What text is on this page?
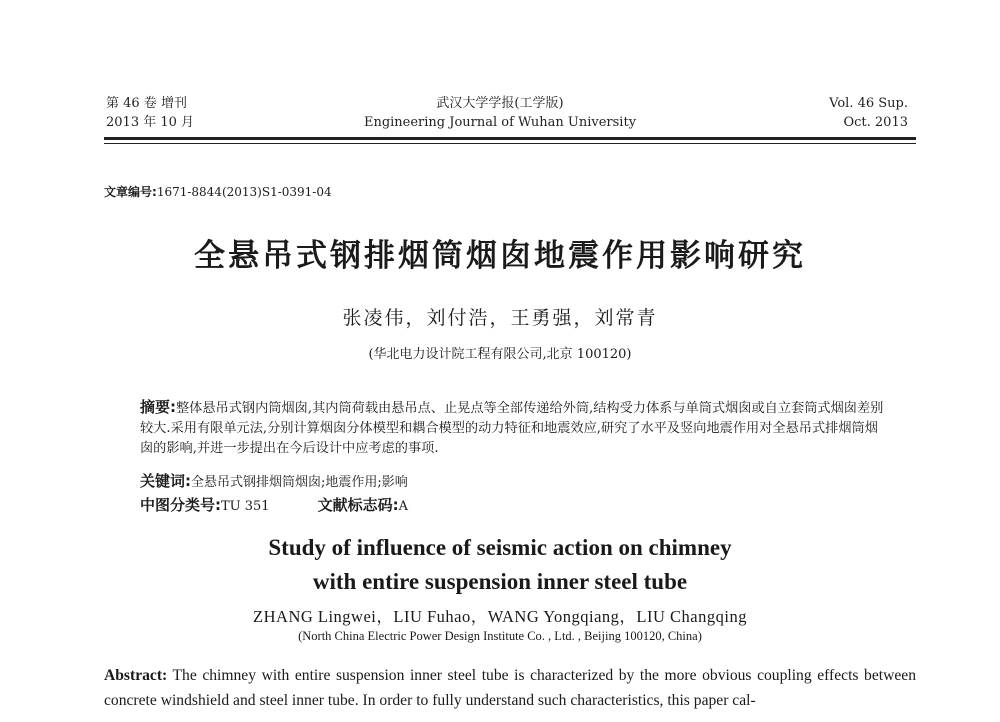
第 46 卷 增刊
2013 年 10 月
武汉大学学报(工学版)
Engineering Journal of Wuhan University
Vol. 46 Sup.
Oct. 2013
文章编号:1671-8844(2013)S1-0391-04
全悬吊式钢排烟筒烟囱地震作用影响研究
张凌伟，刘付浩，王勇强，刘常青
(华北电力设计院工程有限公司,北京 100120)
摘要:整体悬吊式钢内筒烟囱,其内筒荷载由悬吊点、止晃点等全部传递给外筒,结构受力体系与单筒式烟囱或自立套筒式烟囱差别较大.采用有限单元法,分别计算烟囱分体模型和耦合模型的动力特征和地震效应,研究了水平及竖向地震作用对全悬吊式排烟筒烟囱的影响,并进一步提出在今后设计中应考虑的事项.
关键词:全悬吊式钢排烟筒烟囱;地震作用;影响
中图分类号:TU 351	文献标志码:A
Study of influence of seismic action on chimney
with entire suspension inner steel tube
ZHANG Lingwei，LIU Fuhao，WANG Yongqiang，LIU Changqing
(North China Electric Power Design Institute Co. , Ltd. , Beijing 100120, China)
Abstract: The chimney with entire suspension inner steel tube is characterized by the more obvious coupling effects between concrete windshield and steel inner tube. In order to fully understand such characteristics, this paper cal-
